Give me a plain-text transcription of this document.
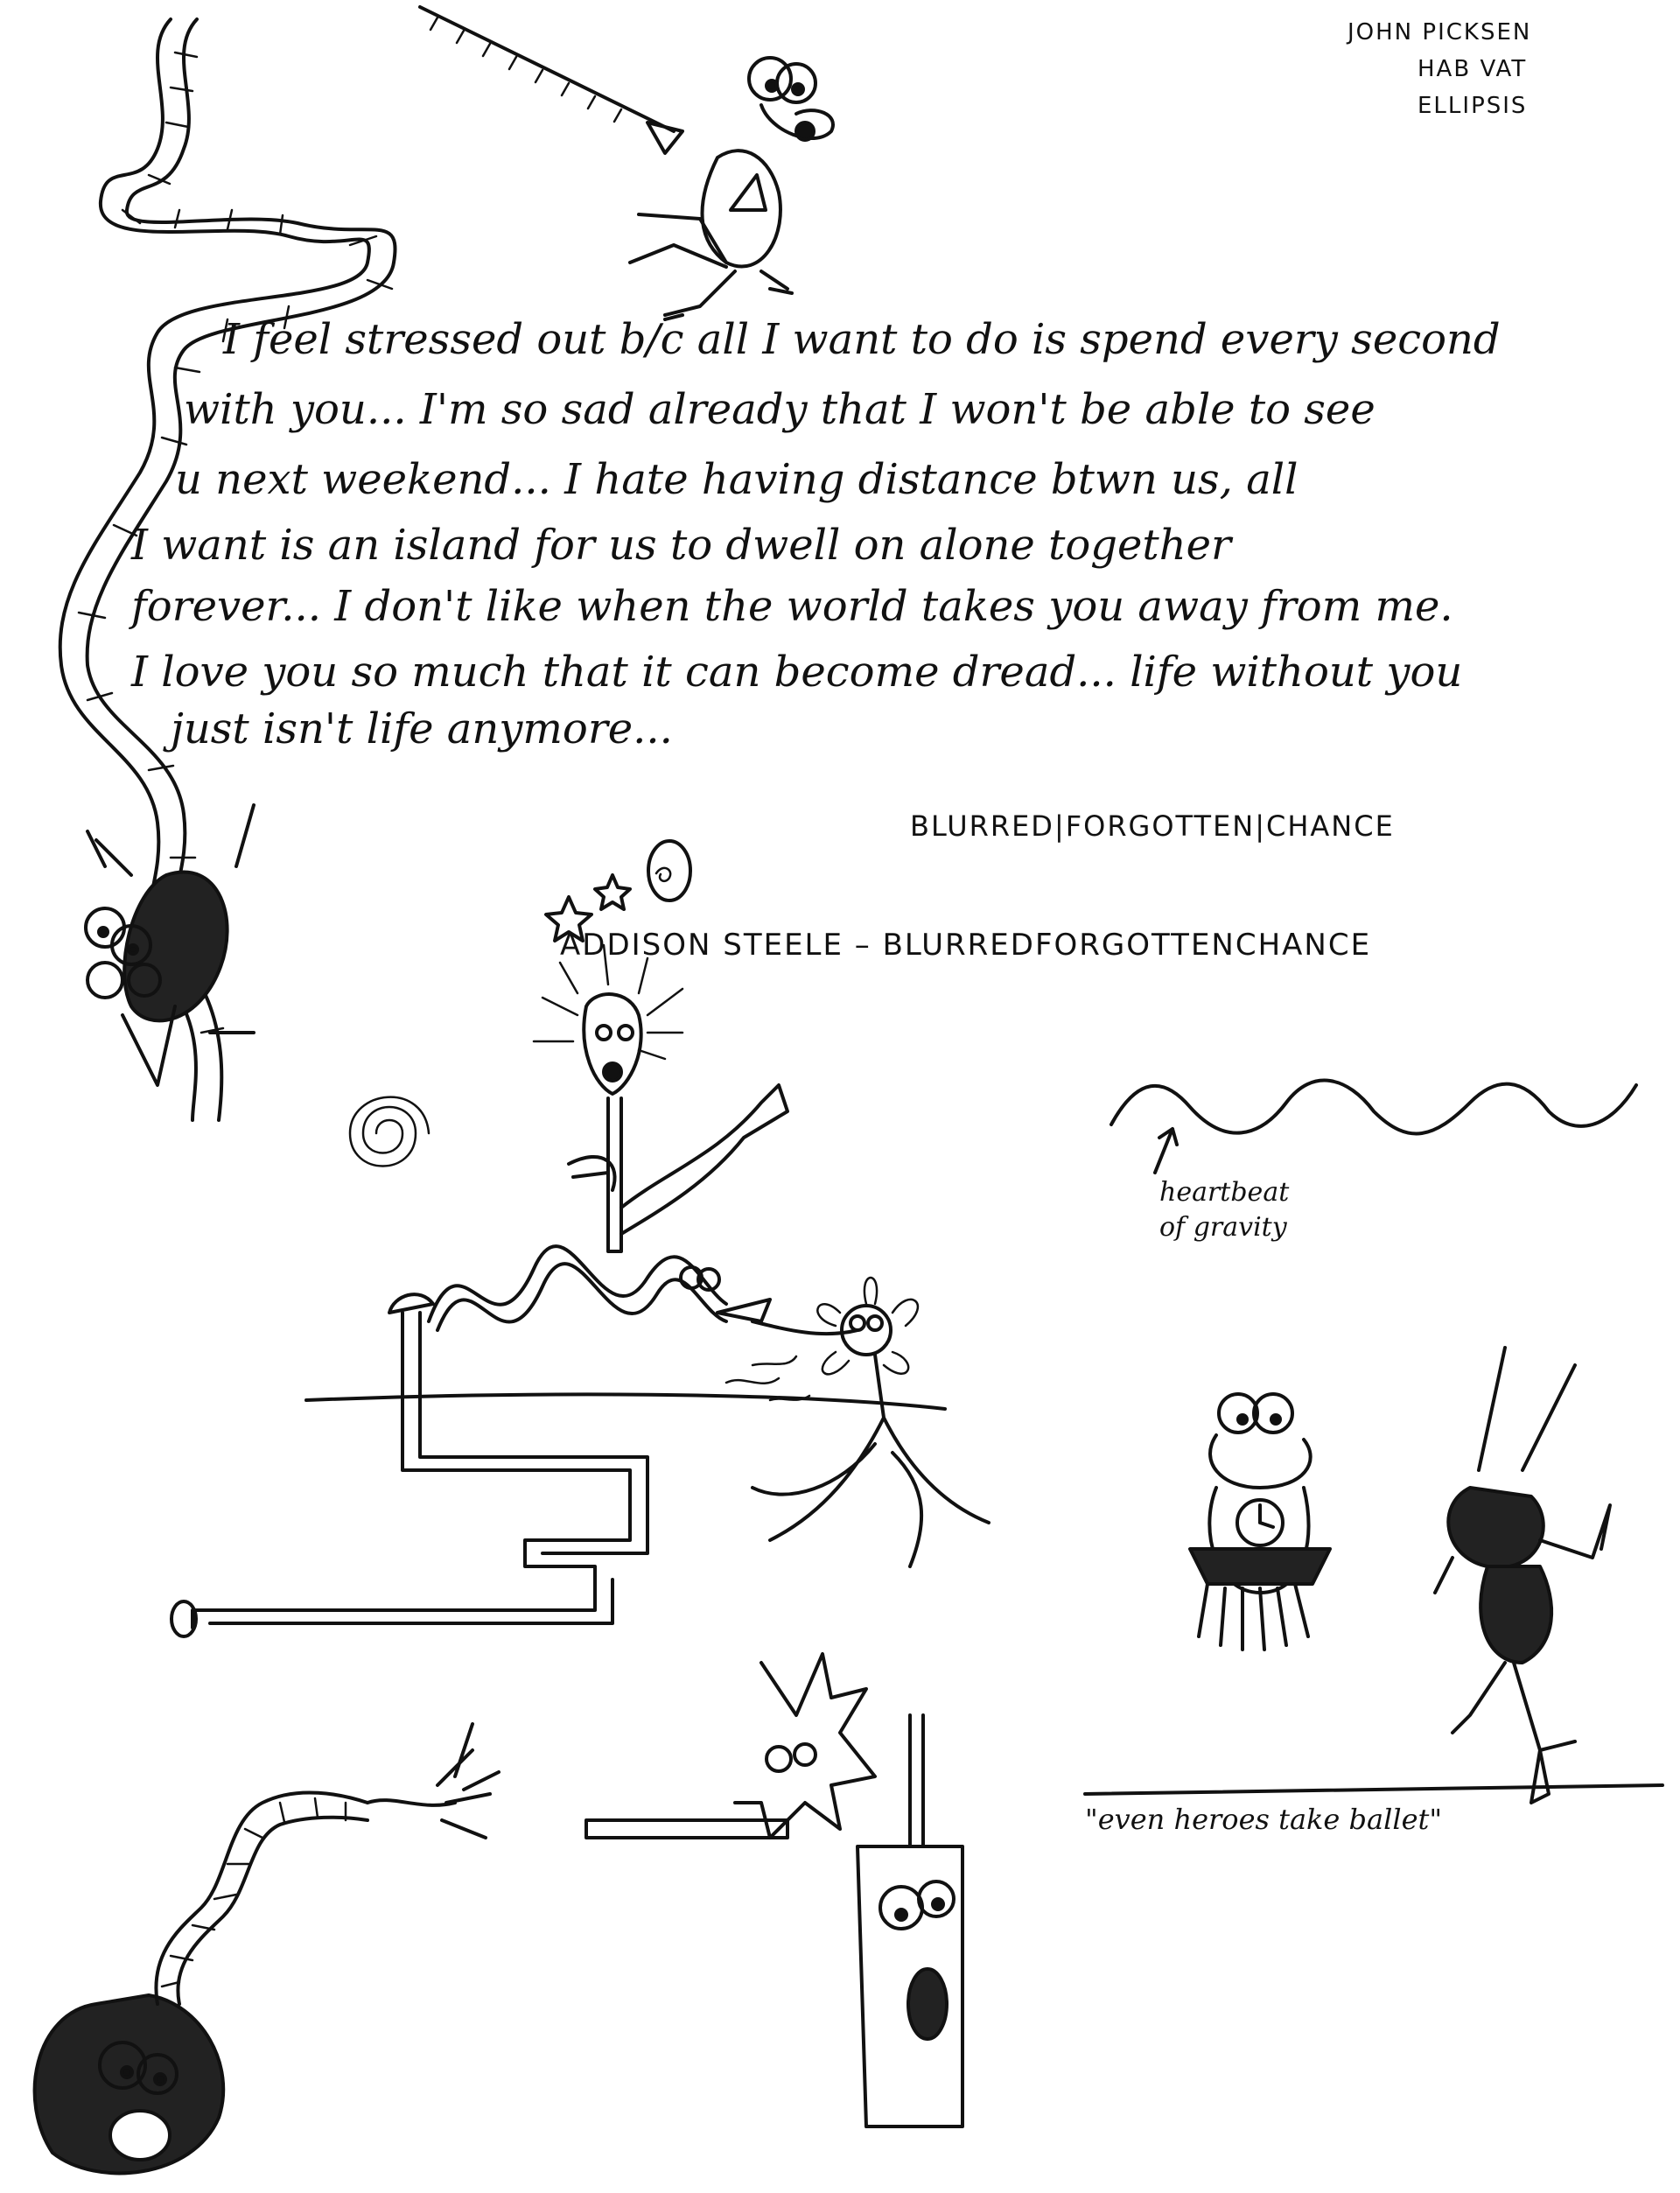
JOHN PICKSEN
HAB VAT
ELLIPSIS
I feel stressed out b/c all I want to do is spend every second
with you... I'm so sad already that I won't be able to see
u next weekend... I hate having distance btwn us, all
I want is an island for us to dwell on alone together
forever... I don't like when the world takes you away from me.
I love you so much that it can become dread... life without you
just isn't life anymore...
BLURRED|FORGOTTEN|CHANCE
ADDISON STEELE – BLURREDFORGOTTENCHANCE
heartbeat
of gravity
"even heroes take ballet"
